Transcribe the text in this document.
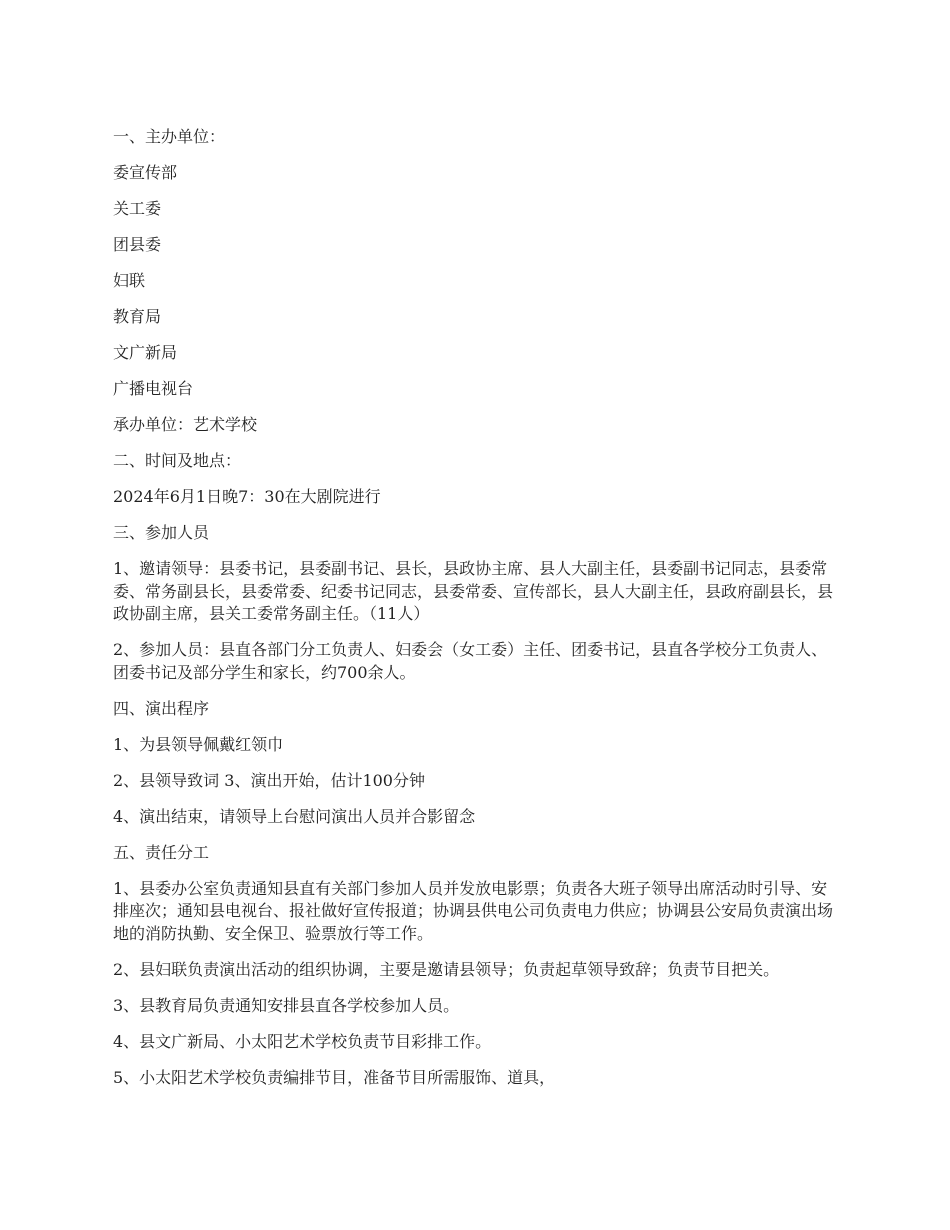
一、主办单位：

委宣传部

关工委

团县委

妇联

教育局

文广新局

广播电视台

承办单位：艺术学校

二、时间及地点：

2024年6月1日晚7：30在大剧院进行

三、参加人员

1、邀请领导：县委书记，县委副书记、县长，县政协主席、县人大副主任，县委副书记同志，县委常委、常务副县长，县委常委、纪委书记同志，县委常委、宣传部长，县人大副主任，县政府副县长，县政协副主席，县关工委常务副主任。（11人）

2、参加人员：县直各部门分工负责人、妇委会（女工委）主任、团委书记，县直各学校分工负责人、团委书记及部分学生和家长，约700余人。

四、演出程序

1、为县领导佩戴红领巾

2、县领导致词 3、演出开始，估计100分钟

4、演出结束，请领导上台慰问演出人员并合影留念

五、责任分工

1、县委办公室负责通知县直有关部门参加人员并发放电影票；负责各大班子领导出席活动时引导、安排座次；通知县电视台、报社做好宣传报道；协调县供电公司负责电力供应；协调县公安局负责演出场地的消防执勤、安全保卫、验票放行等工作。

2、县妇联负责演出活动的组织协调，主要是邀请县领导；负责起草领导致辞；负责节目把关。

3、县教育局负责通知安排县直各学校参加人员。

4、县文广新局、小太阳艺术学校负责节目彩排工作。

5、小太阳艺术学校负责编排节目，准备节目所需服饰、道具，
